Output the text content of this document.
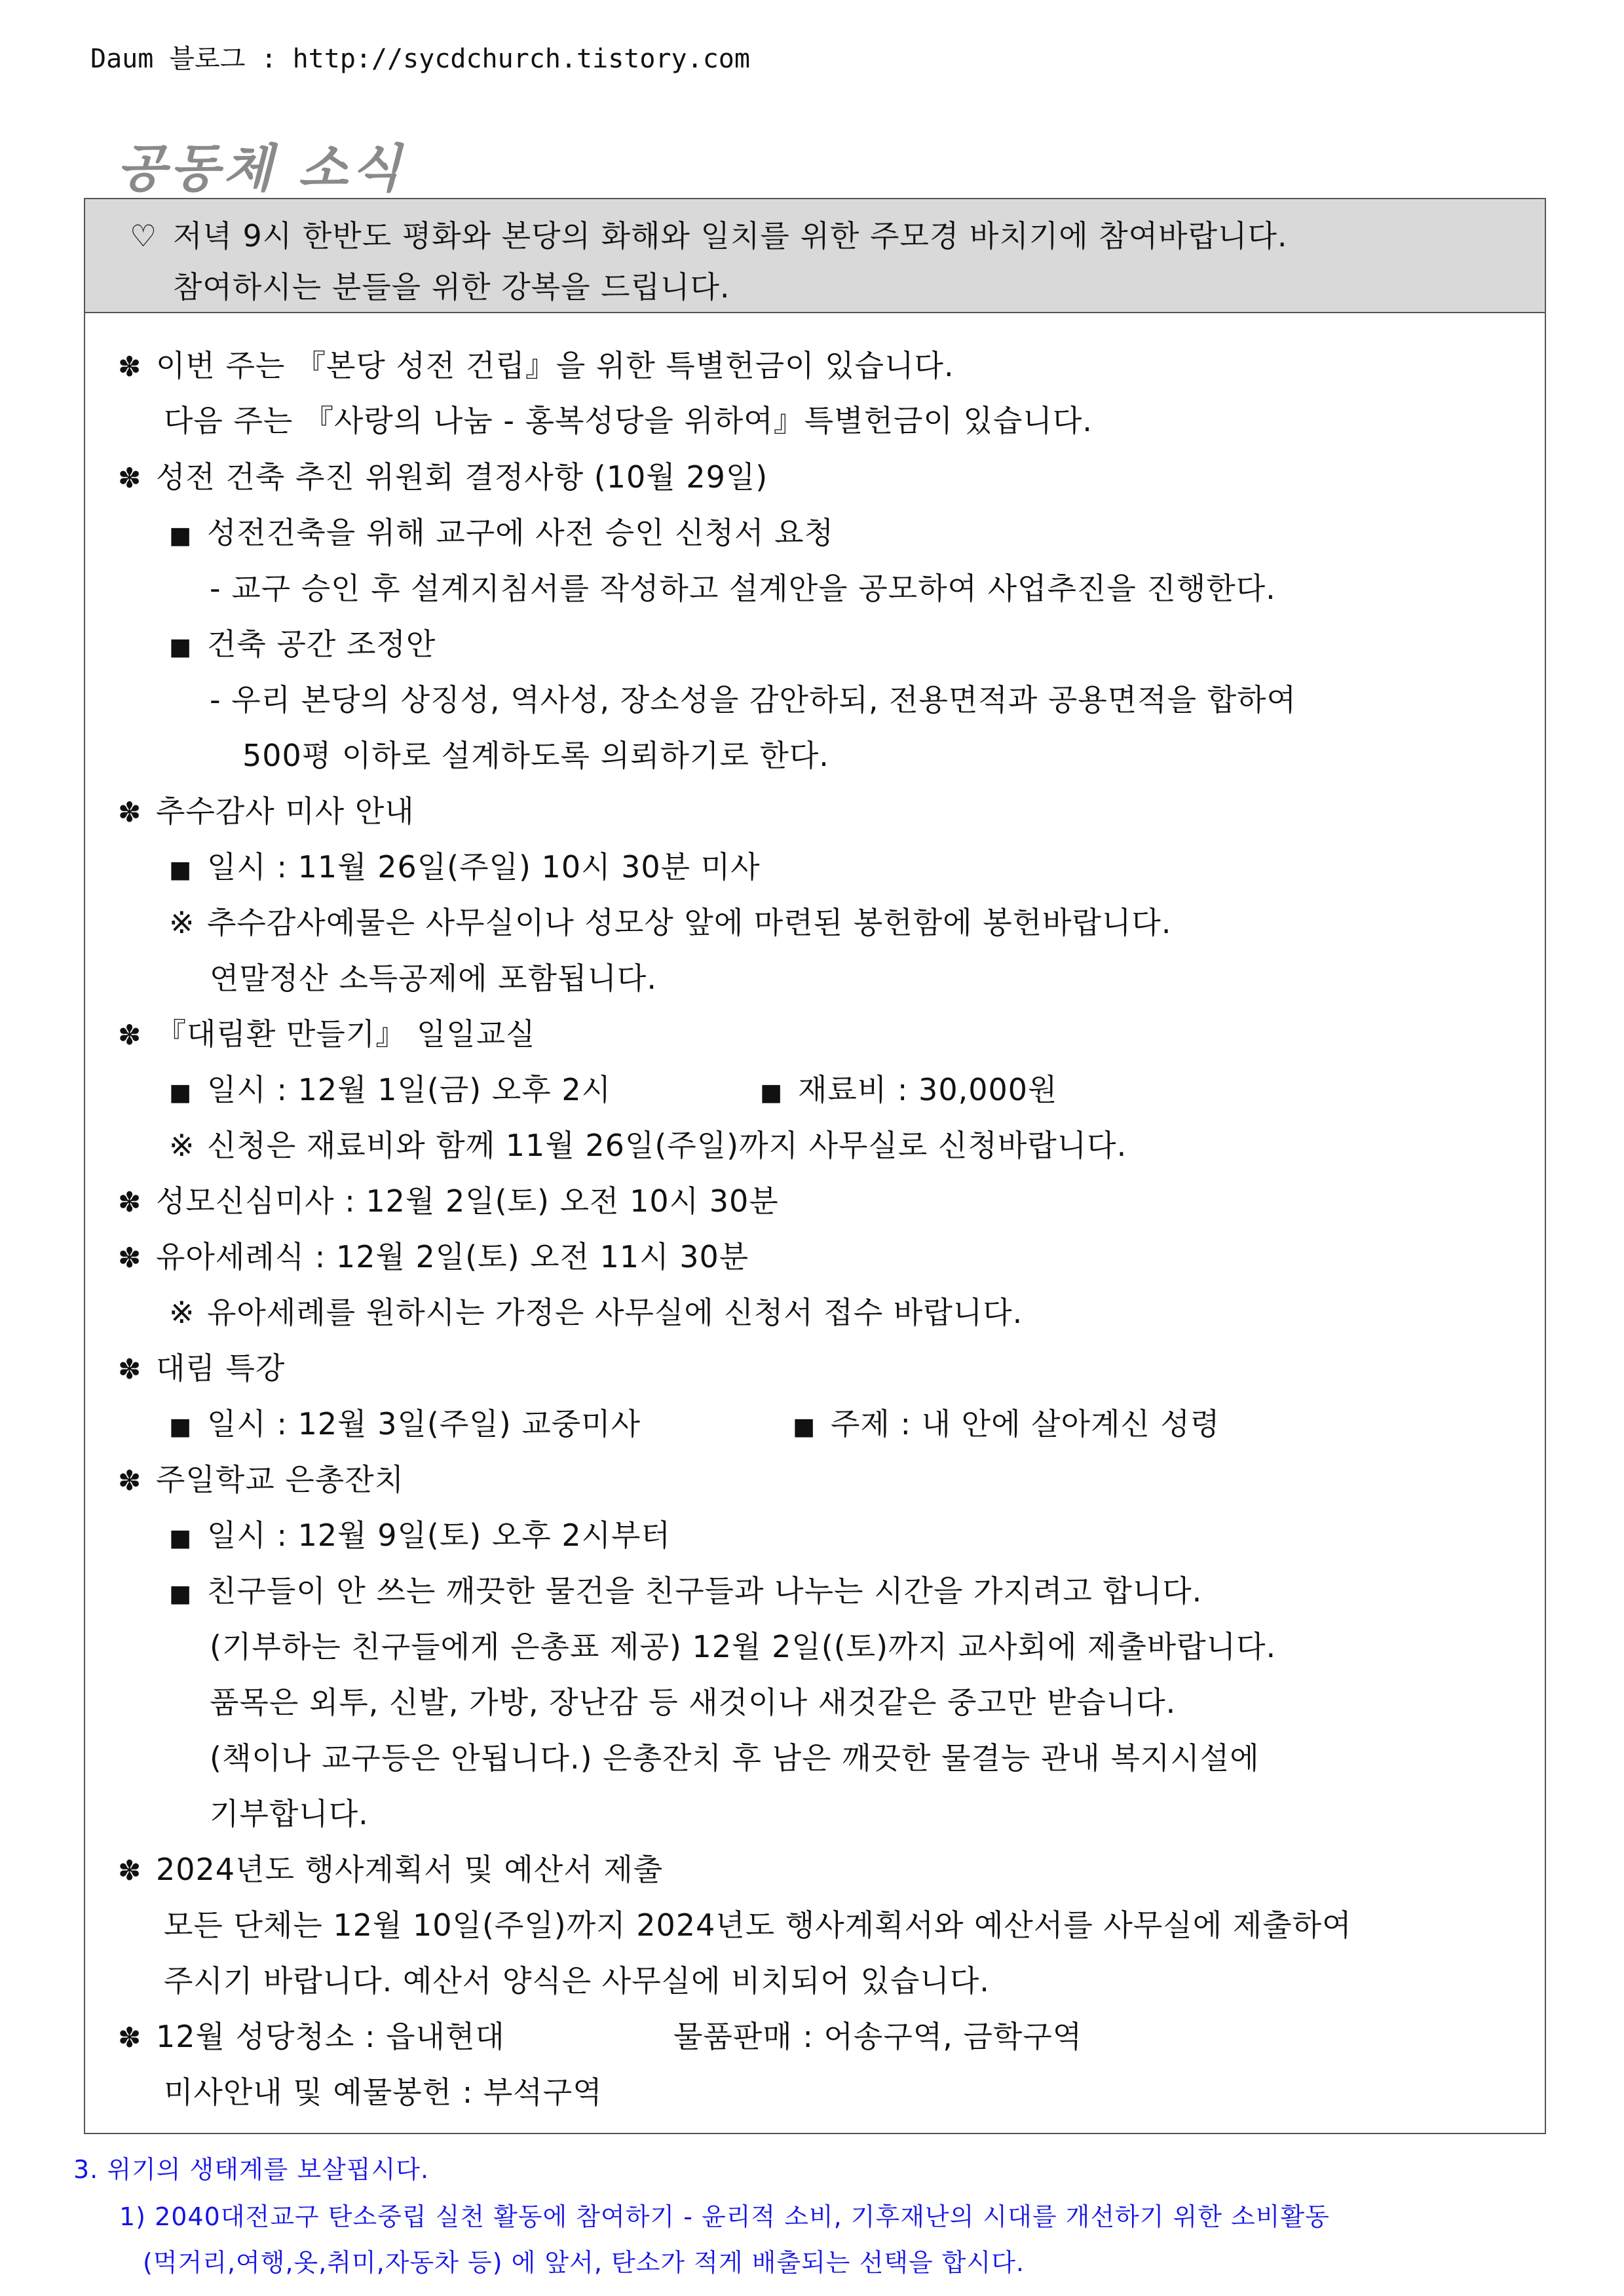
Daum 블로그 : http://sycdchurch.tistory.com
공동체 소식
♡ 저녁 9시 한반도 평화와 본당의 화해와 일치를 위한 주모경 바치기에 참여바랍니다.
참여하시는 분들을 위한 강복을 드립니다.
✽ 이번 주는 『본당 성전 건립』을 위한 특별헌금이 있습니다.
다음 주는 『사랑의 나눔 - 홍복성당을 위하여』특별헌금이 있습니다.
✽ 성전 건축 추진 위원회 결정사항 (10월 29일)
■ 성전건축을 위해 교구에 사전 승인 신청서 요청
- 교구 승인 후 설계지침서를 작성하고 설계안을 공모하여 사업추진을 진행한다.
■ 건축 공간 조정안
- 우리 본당의 상징성, 역사성, 장소성을 감안하되, 전용면적과 공용면적을 합하여
500평 이하로 설계하도록 의뢰하기로 한다.
✽ 추수감사 미사 안내
■ 일시 : 11월 26일(주일) 10시 30분 미사
※ 추수감사예물은 사무실이나 성모상 앞에 마련된 봉헌함에 봉헌바랍니다.
연말정산 소득공제에 포함됩니다.
✽ 『대림환 만들기』 일일교실
■ 일시 : 12월 1일(금) 오후 2시	■ 재료비 : 30,000원
※ 신청은 재료비와 함께 11월 26일(주일)까지 사무실로 신청바랍니다.
✽ 성모신심미사 : 12월 2일(토) 오전 10시 30분
✽ 유아세례식 : 12월 2일(토) 오전 11시 30분
※ 유아세례를 원하시는 가정은 사무실에 신청서 접수 바랍니다.
✽ 대림 특강
■ 일시 : 12월 3일(주일) 교중미사	■ 주제 : 내 안에 살아계신 성령
✽ 주일학교 은총잔치
■ 일시 : 12월 9일(토) 오후 2시부터
■ 친구들이 안 쓰는 깨끗한 물건을 친구들과 나누는 시간을 가지려고 합니다.
(기부하는 친구들에게 은총표 제공) 12월 2일((토)까지 교사회에 제출바랍니다.
품목은 외투, 신발, 가방, 장난감 등 새것이나 새것같은 중고만 받습니다.
(책이나 교구등은 안됩니다.) 은총잔치 후 남은 깨끗한 물결능 관내 복지시설에
기부합니다.
✽ 2024년도 행사계획서 및 예산서 제출
모든 단체는 12월 10일(주일)까지 2024년도 행사계획서와 예산서를 사무실에 제출하여
주시기 바랍니다. 예산서 양식은 사무실에 비치되어 있습니다.
✽ 12월 성당청소 : 읍내현대	물품판매 : 어송구역, 금학구역
미사안내 및 예물봉헌 : 부석구역
3. 위기의 생태계를 보살핍시다.
1) 2040대전교구 탄소중립 실천 활동에 참여하기 - 윤리적 소비, 기후재난의 시대를 개선하기 위한 소비활동
(먹거리,여행,옷,취미,자동차 등) 에 앞서, 탄소가 적게 배출되는 선택을 합시다.
